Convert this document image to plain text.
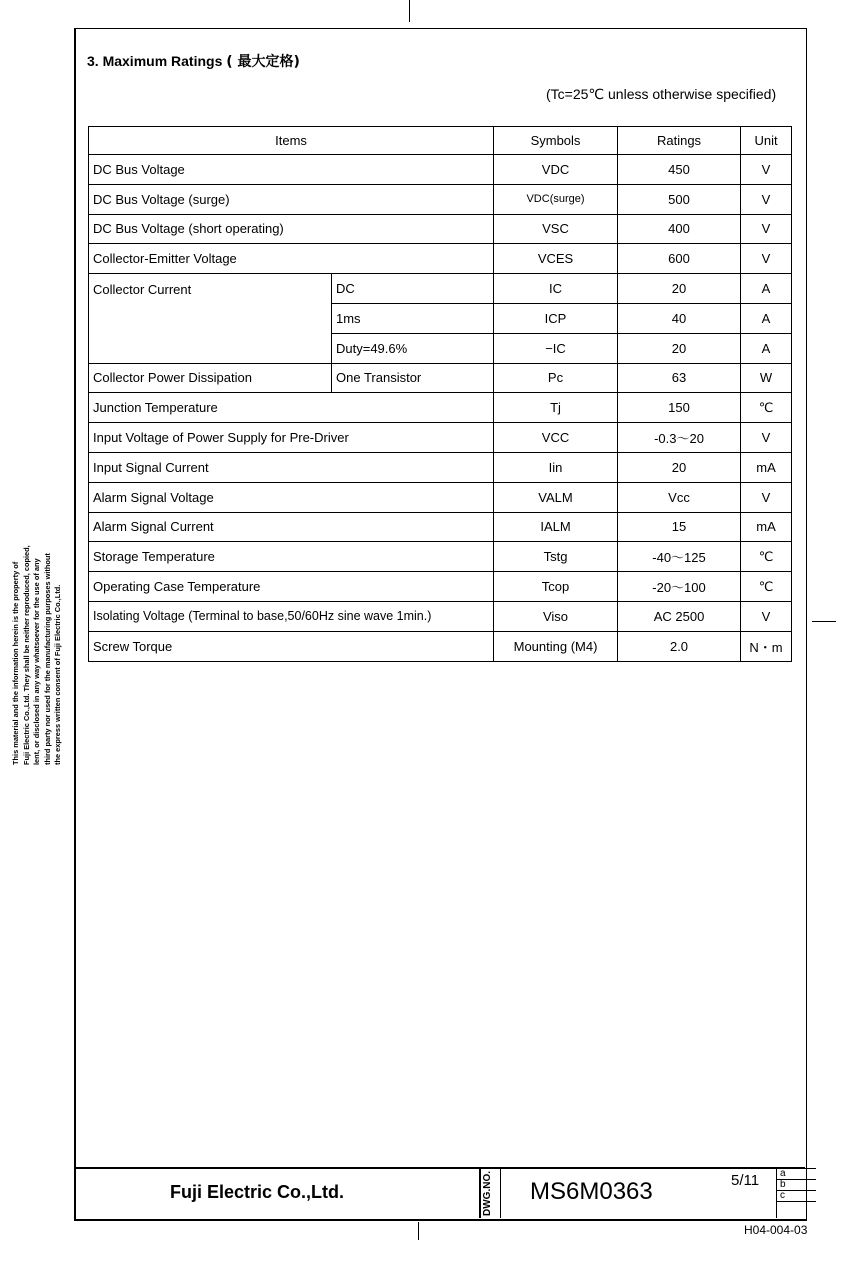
3. Maximum Ratings ( 最大定格)
(Tc=25℃ unless otherwise specified)
Items		Symbols	Ratings	Unit
DC Bus Voltage		VDC	450	V
DC Bus Voltage (surge)		VDC(surge)	500	V
DC Bus Voltage (short operating)		VSC	400	V
Collector-Emitter Voltage		VCES	600	V
Collector Current	DC	IC	20	A
	1ms	ICP	40	A
	Duty=49.6%	−IC	20	A
Collector Power Dissipation	One Transistor	Pc	63	W
Junction Temperature		Tj	150	℃
Input Voltage of Power Supply for Pre-Driver		VCC	-0.3～20	V
Input Signal Current		Iin	20	mA
Alarm Signal Voltage		VALM	Vcc	V
Alarm Signal Current		IALM	15	mA
Storage Temperature		Tstg	-40～125	℃
Operating Case Temperature		Tcop	-20～100	℃
Isolating Voltage (Terminal to base,50/60Hz sine wave 1min.)		Viso	AC 2500	V
Screw Torque		Mounting (M4)	2.0	N・m
This material and the information herein is the property of Fuji Electric Co.,Ltd. They shall be neither reproduced, copied, lent, or disclosed in any way whatsoever for the use of any third party nor used for the manufacturing purposes without the express written consent of Fuji Electric Co.,Ltd.
Fuji Electric Co.,Ltd.	DWG.NO. MS6M0363	5/11	a
b
c
H04-004-03
